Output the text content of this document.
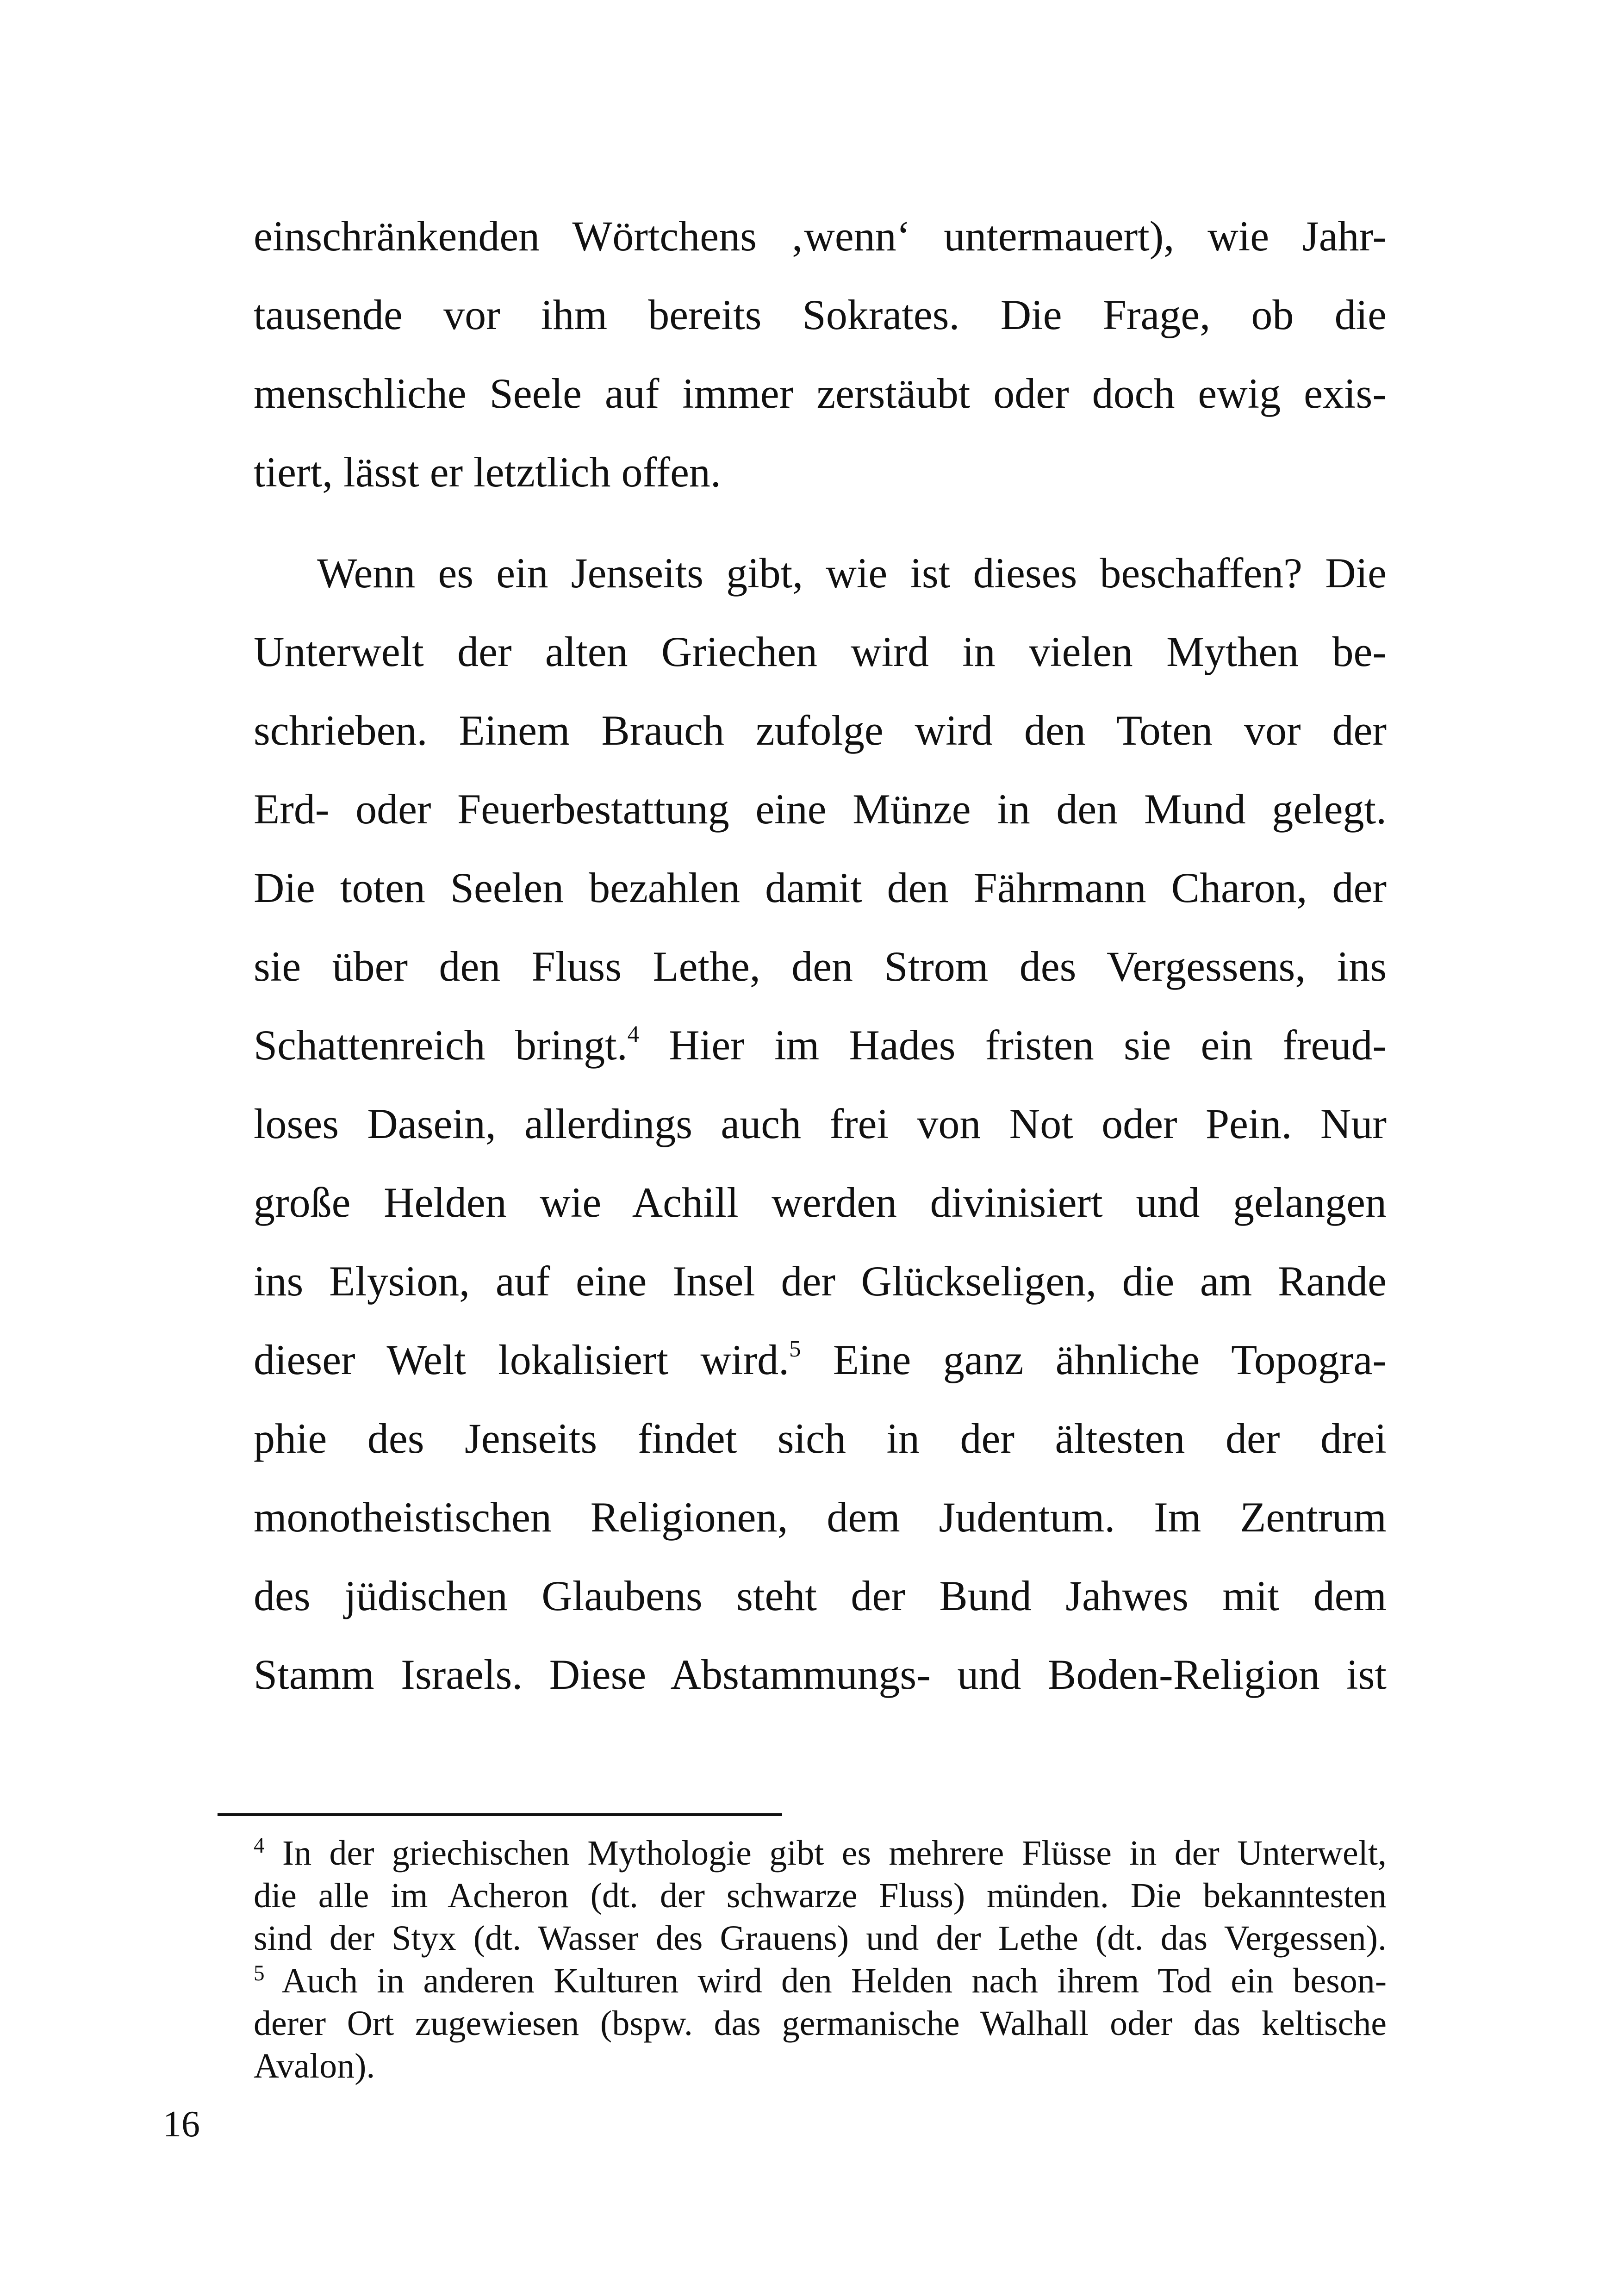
einschränkenden Wörtchens ‚wenn‘ untermauert), wie Jahr-
tausende vor ihm bereits Sokrates. Die Frage, ob die
menschliche Seele auf immer zerstäubt oder doch ewig exis-
tiert, lässt er letztlich offen.
Wenn es ein Jenseits gibt, wie ist dieses beschaffen? Die
Unterwelt der alten Griechen wird in vielen Mythen be-
schrieben. Einem Brauch zufolge wird den Toten vor der
Erd- oder Feuerbestattung eine Münze in den Mund gelegt.
Die toten Seelen bezahlen damit den Fährmann Charon, der
sie über den Fluss Lethe, den Strom des Vergessens, ins
Schattenreich bringt.$^4$ Hier im Hades fristen sie ein freud-
loses Dasein, allerdings auch frei von Not oder Pein. Nur
große Helden wie Achill werden divinisiert und gelangen
ins Elysion, auf eine Insel der Glückseligen, die am Rande
dieser Welt lokalisiert wird.$^5$ Eine ganz ähnliche Topogra-
phie des Jenseits findet sich in der ältesten der drei
monotheistischen Religionen, dem Judentum. Im Zentrum
des jüdischen Glaubens steht der Bund Jahwes mit dem
Stamm Israels. Diese Abstammungs- und Boden-Religion ist
$^4$ In der griechischen Mythologie gibt es mehrere Flüsse in der Unterwelt,
die alle im Acheron (dt. der schwarze Fluss) münden. Die bekanntesten
sind der Styx (dt. Wasser des Grauens) und der Lethe (dt. das Vergessen).
$^5$ Auch in anderen Kulturen wird den Helden nach ihrem Tod ein beson-
derer Ort zugewiesen (bspw. das germanische Walhall oder das keltische
Avalon).
16
